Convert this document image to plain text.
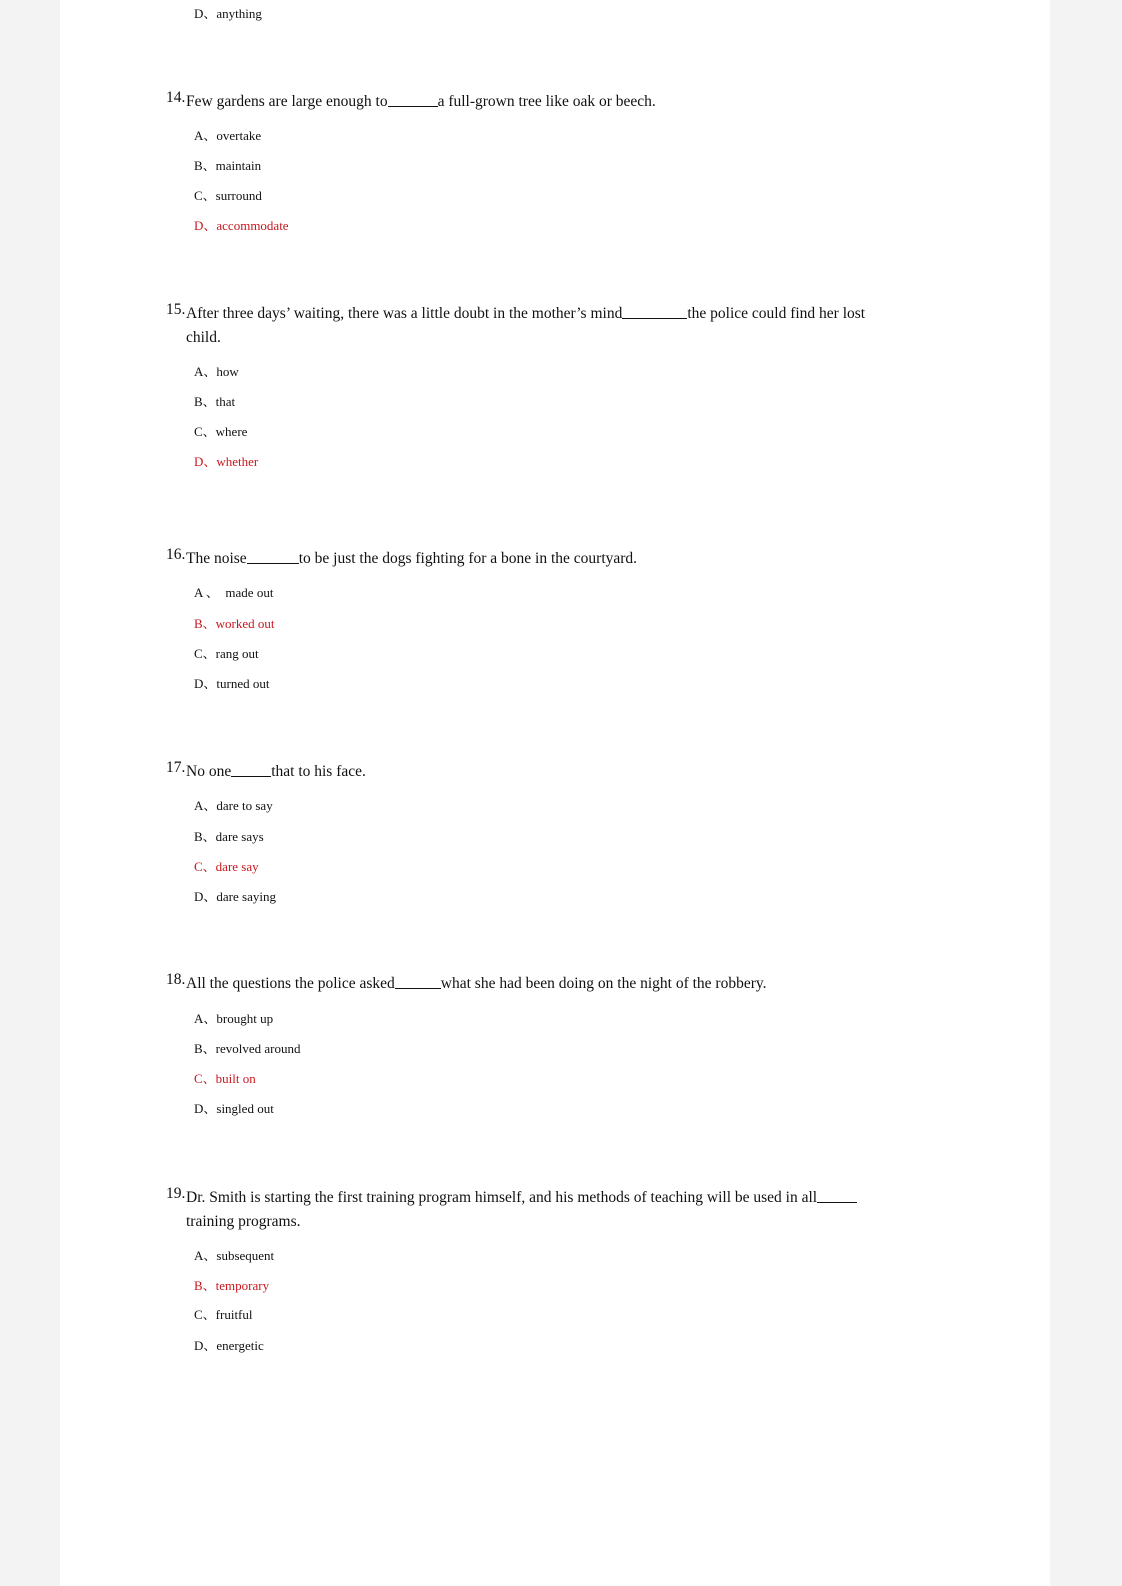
D、anything
14. Few gardens are large enough to	a full-grown tree like oak or beech.
A、overtake
B、maintain
C、surround
D、accommodate
15. After three days’ waiting, there was a little doubt in the mother’s mind	the police could find her lost child.
A、how
B、that
C、where
D、whether
16. The noise	to be just the dogs fighting for a bone in the courtyard.
A 、  made out
B、worked out
C、rang out
D、turned out
17. No one	that to his face.
A、dare to say
B、dare says
C、dare say
D、dare saying
18. All the questions the police asked	what she had been doing on the night of the robbery.
A、brought up
B、revolved around
C、built on
D、singled out
19. Dr. Smith is starting the first training program himself, and his methods of teaching will be used in alltraining programs.
A、subsequent
B、temporary
C、fruitful
D、energetic
